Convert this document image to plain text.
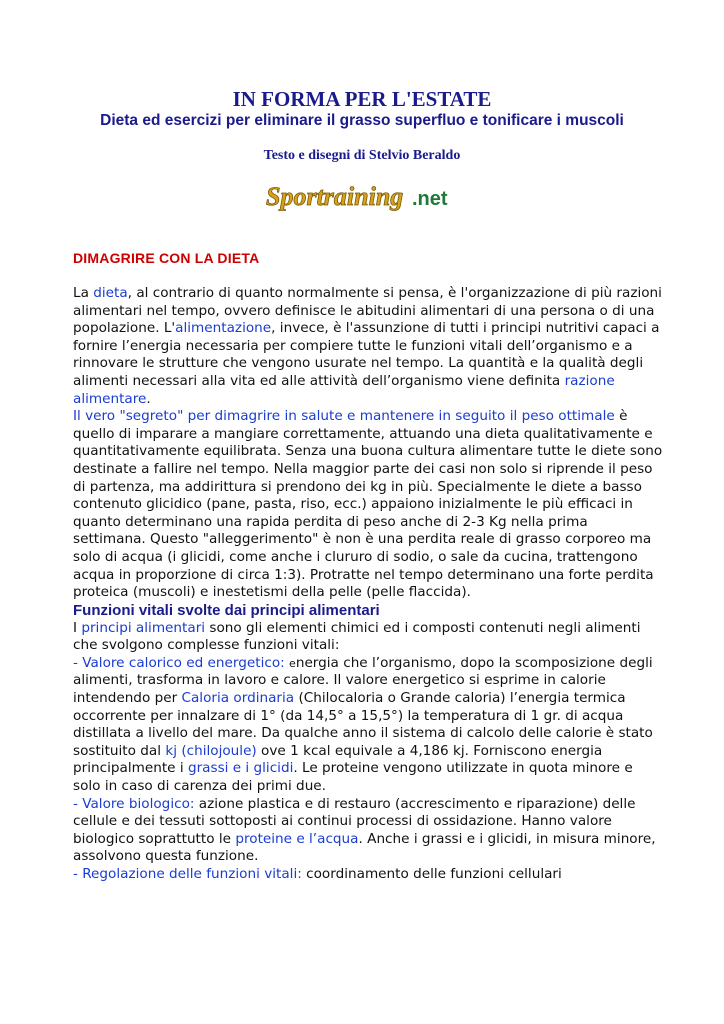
IN FORMA PER L'ESTATE
Dieta ed esercizi per eliminare il grasso superfluo e tonificare i muscoli
Testo e disegni di Stelvio Beraldo
Sportraining .net
DIMAGRIRE CON LA DIETA

La dieta, al contrario di quanto normalmente si pensa, è l'organizzazione di più razioni alimentari nel tempo, ovvero definisce le abitudini alimentari di una persona o di una popolazione. L'alimentazione, invece, è l'assunzione di tutti i principi nutritivi capaci a fornire l’energia necessaria per compiere tutte le funzioni vitali dell’organismo e a rinnovare le strutture che vengono usurate nel tempo. La quantità e la qualità degli alimenti necessari alla vita ed alle attività dell’organismo viene definita razione alimentare.

Il vero "segreto" per dimagrire in salute e mantenere in seguito il peso ottimale è quello di imparare a mangiare correttamente, attuando una dieta qualitativamente e quantitativamente equilibrata. Senza una buona cultura alimentare tutte le diete sono destinate a fallire nel tempo. Nella maggior parte dei casi non solo si riprende il peso di partenza, ma addirittura si prendono dei kg in più. Specialmente le diete a basso contenuto glicidico (pane, pasta, riso, ecc.) appaiono inizialmente le più efficaci in quanto determinano una rapida perdita di peso anche di 2-3 Kg nella prima settimana. Questo "alleggerimento" è non è una perdita reale di grasso corporeo ma solo di acqua (i glicidi, come anche i clururo di sodio, o sale da cucina, trattengono acqua in proporzione di circa 1:3). Protratte nel tempo determinano una forte perdita proteica (muscoli) e inestetismi della pelle (pelle flaccida).

Funzioni vitali svolte dai principi alimentari

I principi alimentari sono gli elementi chimici ed i composti contenuti negli alimenti che svolgono complesse funzioni vitali:

- Valore calorico ed energetico: energia che l’organismo, dopo la scomposizione degli alimenti, trasforma in lavoro e calore. Il valore energetico si esprime in calorie intendendo per Caloria ordinaria (Chilocaloria o Grande caloria) l’energia termica occorrente per innalzare di 1° (da 14,5° a 15,5°) la temperatura di 1 gr. di acqua distillata a livello del mare. Da qualche anno il sistema di calcolo delle calorie è stato sostituito dal kj (chilojoule) ove 1 kcal equivale a 4,186 kj. Forniscono energia principalmente i grassi e i glicidi. Le proteine vengono utilizzate in quota minore e solo in caso di carenza dei primi due.

- Valore biologico: azione plastica e di restauro (accrescimento e riparazione) delle cellule e dei tessuti sottoposti ai continui processi di ossidazione. Hanno valore biologico soprattutto le proteine e l’acqua. Anche i grassi e i glicidi, in misura minore, assolvono questa funzione.

- Regolazione delle funzioni vitali: coordinamento delle funzioni cellulari
